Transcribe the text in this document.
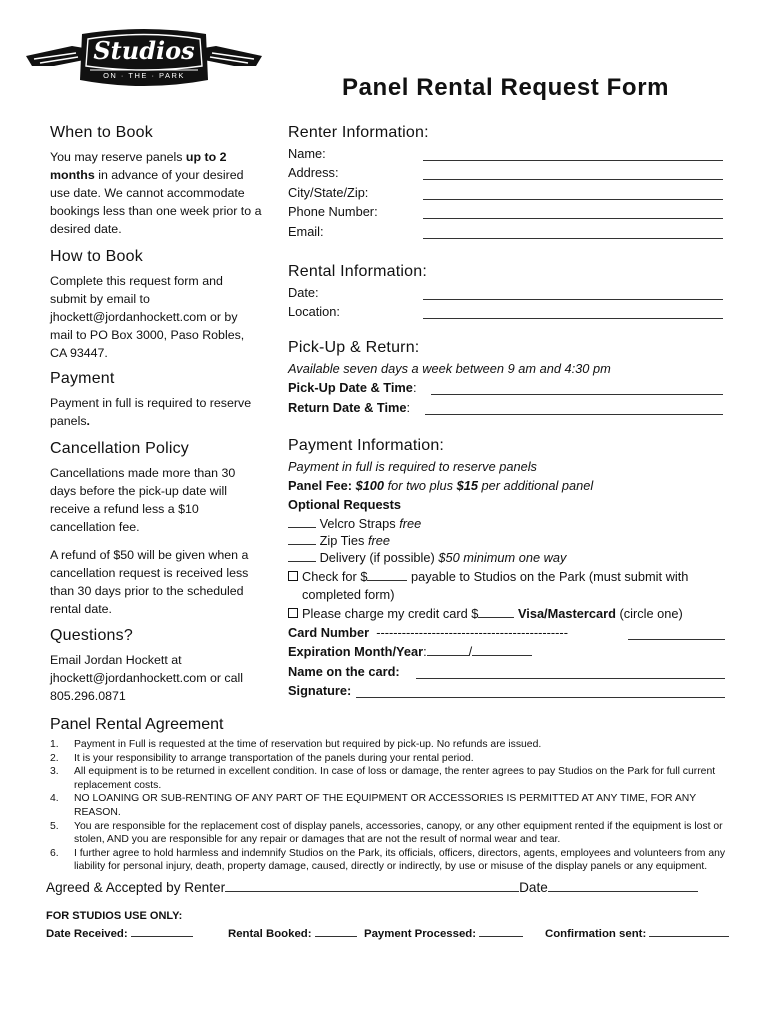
Studios
ON · THE · PARK	Panel Rental Request Form
When to Book

You may reserve panels up to 2 months in advance of your desired use date. We cannot accommodate bookings less than one week prior to a desired date.

How to Book

Complete this request form and submit by email to jhockett@jordanhockett.com or by mail to PO Box 3000, Paso Robles, CA 93447.

Payment

Payment in full is required to reserve panels.

Cancellation Policy

Cancellations made more than 30 days before the pick-up date will receive a refund less a $10 cancellation fee.

A refund of $50 will be given when a cancellation request is received less than 30 days prior to the scheduled rental date.

Questions?

Email Jordan Hockett at jhockett@jordanhockett.com or call 805.296.0871

Renter Information:
Name:
Address:
City/State/Zip:
Phone Number:
Email:
Rental Information:
Date:
Location:
Pick-Up & Return:
Available seven days a week between 9 am and 4:30 pm
Pick-Up Date & Time:
Return Date & Time:
Payment Information:
Payment in full is required to reserve panels
Panel Fee: $100 for two plus $15 per additional panel
Optional Requests
Velcro Straps free
Zip Ties free
Delivery (if possible) $50 minimum one way
Check for $	payable to Studios on the Park (must submit with
completed form)
Please charge my credit card $	Visa/Mastercard (circle one)
Card Number ---------------------------------------------
Expiration Month/Year:	/
Name on the card:
Signature:
Panel Rental Agreement
1. Payment in Full is requested at the time of reservation but required by pick-up. No refunds are issued.
2. It is your responsibility to arrange transportation of the panels during your rental period.
3. All equipment is to be returned in excellent condition. In case of loss or damage, the renter agrees to pay Studios on the Park for full current replacement costs.
4. NO LOANING OR SUB-RENTING OF ANY PART OF THE EQUIPMENT OR ACCESSORIES IS PERMITTED AT ANY TIME, FOR ANY REASON.
5. You are responsible for the replacement cost of display panels, accessories, canopy, or any other equipment rented if the equipment is lost or stolen, AND you are responsible for any repair or damages that are not the result of normal wear and tear.
6. I further agree to hold harmless and indemnify Studios on the Park, its officials, officers, directors, agents, employees and volunteers from any liability for personal injury, death, property damage, caused, directly or indirectly, by use or misuse of the display panels or any equipment.
Agreed & Accepted by Renter	Date
FOR STUDIOS USE ONLY:
Date Received:	Rental Booked:	Payment Processed:	Confirmation sent:
